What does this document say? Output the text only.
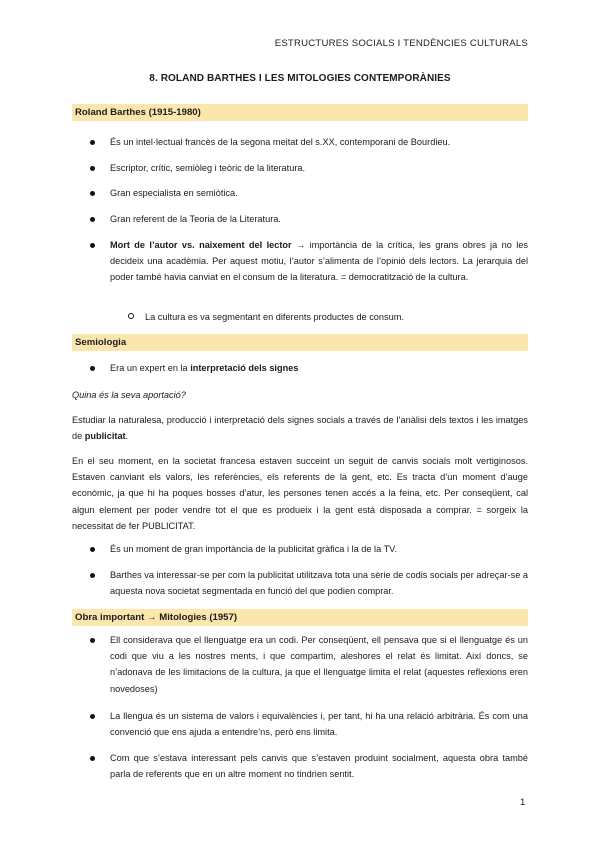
ESTRUCTURES SOCIALS I TENDÈNCIES CULTURALS
8. ROLAND BARTHES I LES MITOLOGIES CONTEMPORÀNIES
Roland Barthes (1915-1980)
És un intel·lectual francès de la segona meitat del s.XX, contemporani de Bourdieu.
Escriptor, crític, semiòleg i teòric de la literatura.
Gran especialista en semiòtica.
Gran referent de la Teoria de la Literatura.
Mort de l’autor vs. naixement del lector → importància de la crítica, les grans obres ja no les decideix una acadèmia. Per aquest motiu, l’autor s’alimenta de l’opinió dels lectors. La jerarquia del poder també havia canviat en el consum de la literatura. = democratització de la cultura.
La cultura es va segmentant en diferents productes de consum.
Semiologia
Era un expert en la interpretació dels signes
Quina és la seva aportació?
Estudiar la naturalesa, producció i interpretació dels signes socials a través de l’anàlisi dels textos i les imatges de publicitat.
En el seu moment, en la societat francesa estaven succeint un seguit de canvis socials molt vertiginosos. Estaven canviant els valors, les referències, els referents de la gent, etc. Es tracta d’un moment d’auge econòmic, ja que hi ha poques bosses d’atur, les persones tenen accés a la feina, etc. Per conseqüent, cal algun element per poder vendre tot el que es produeix i la gent està disposada a comprar. = sorgeix la necessitat de fer PUBLICITAT.
És un moment de gran importància de la publicitat gràfica i la de la TV.
Barthes va interessar-se per com la publicitat utilitzava tota una sèrie de codis socials per adreçar-se a aquesta nova societat segmentada en funció del que podien comprar.
Obra important → Mitologies (1957)
Ell considerava que el llenguatge era un codi. Per conseqüent, ell pensava que si el llenguatge és un codi que viu a les nostres ments, i que compartim, aleshores el relat és limitat. Així doncs, se n’adonava de les limitacions de la cultura, ja que el llenguatge limita el relat (aquestes reflexions eren novedoses)
La llengua és un sistema de valors i equivalències i, per tant, hi ha una relació arbitrària. És com una convenció que ens ajuda a entendre’ns, però ens limita.
Com que s’estava interessant pels canvis que s’estaven produint socialment, aquesta obra també parla de referents que en un altre moment no tindrien sentit.
1
